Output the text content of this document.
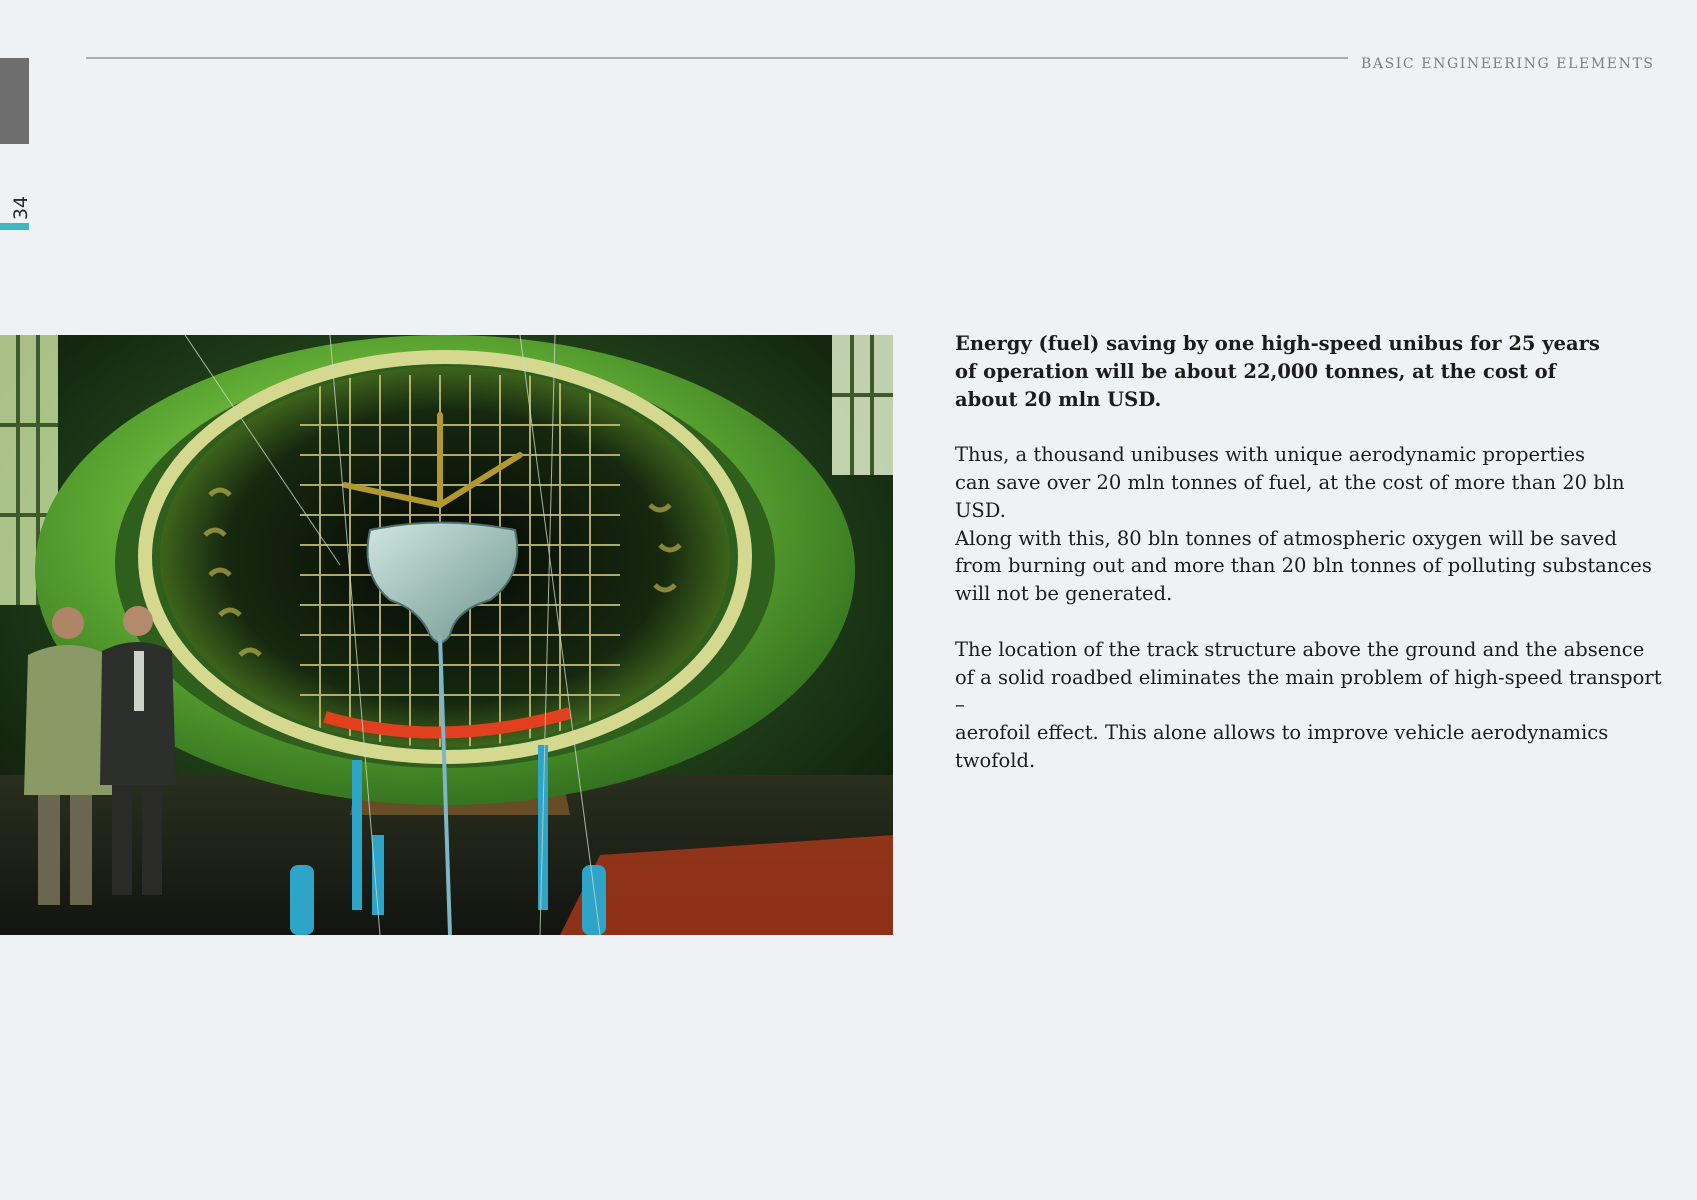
BASIC ENGINEERING ELEMENTS
34

Energy (fuel) saving by one high-speed unibus for 25 years
of operation will be about 22,000 tonnes, at the cost of
about 20 mln USD.

Thus, a thousand unibuses with unique aerodynamic properties
can save over 20 mln tonnes of fuel, at the cost of more than 20 bln USD.
Along with this, 80 bln tonnes of atmospheric oxygen will be saved
from burning out and more than 20 bln tonnes of polluting substances
will not be generated.

The location of the track structure above the ground and the absence
of a solid roadbed eliminates the main problem of high-speed transport –
aerofoil effect. This alone allows to improve vehicle aerodynamics
twofold.
